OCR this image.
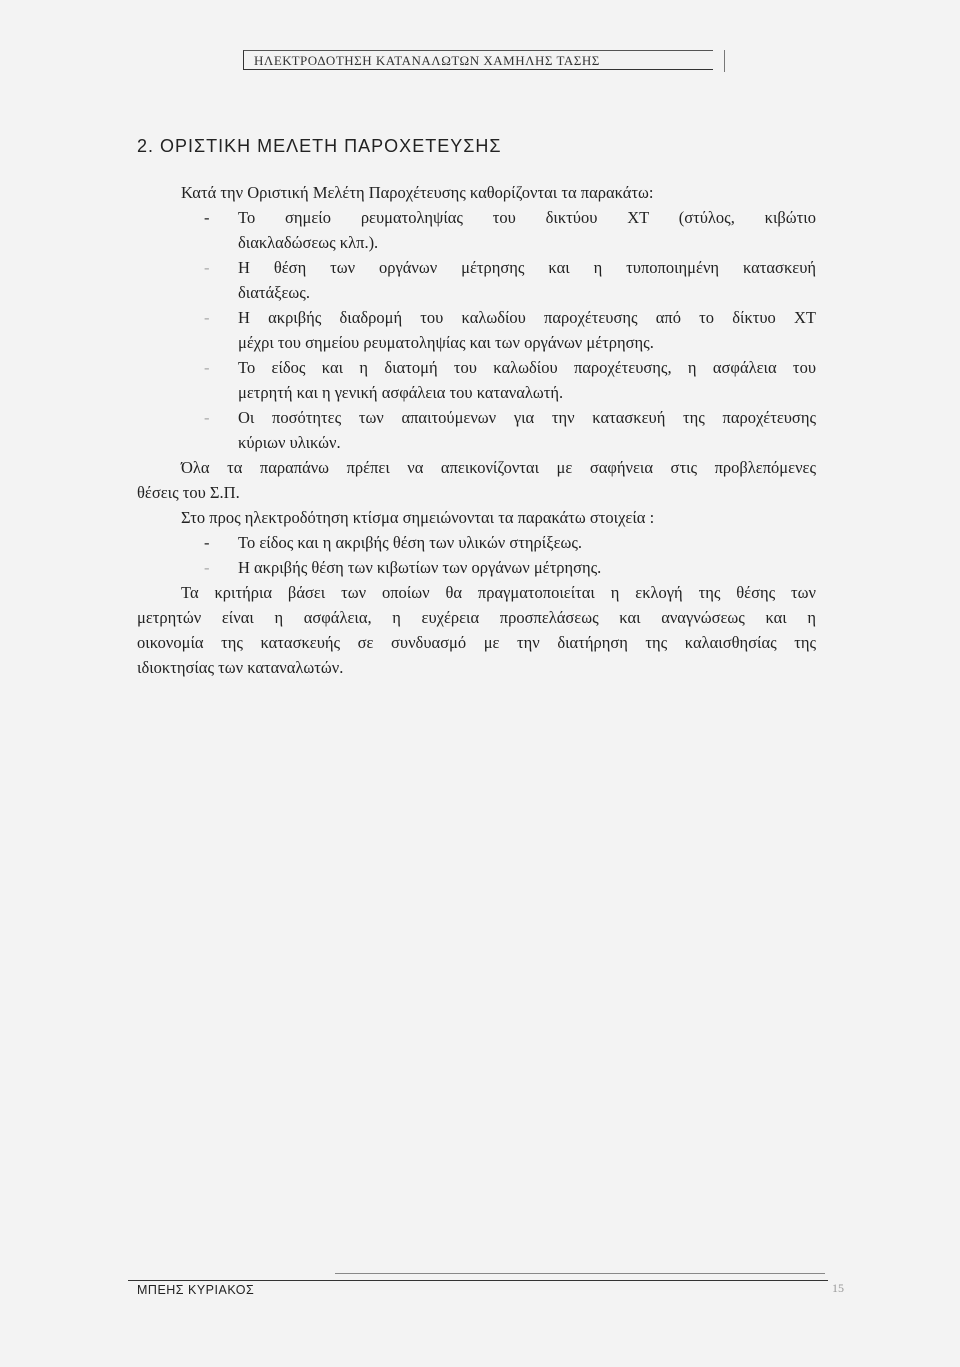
ΗΛΕΚΤΡΟΔΟΤΗΣΗ ΚΑΤΑΝΑΛΩΤΩΝ ΧΑΜΗΛΗΣ ΤΑΣΗΣ
2. ΟΡΙΣΤΙΚΗ ΜΕΛΕΤΗ ΠΑΡΟΧΕΤΕΥΣΗΣ
Κατά την Οριστική Μελέτη Παροχέτευσης καθορίζονται τα παρακάτω:
- Το σημείο ρευματοληψίας του δικτύου ΧΤ (στύλος, κιβώτιο
διακλαδώσεως κλπ.).
- Η θέση των οργάνων μέτρησης και η τυποποιημένη κατασκευή
διατάξεως.
- Η ακριβής διαδρομή του καλωδίου παροχέτευσης από το δίκτυο ΧΤ
μέχρι του σημείου ρευματοληψίας και των οργάνων μέτρησης.
- Το είδος και η διατομή του καλωδίου παροχέτευσης, η ασφάλεια του
μετρητή και η γενική ασφάλεια του καταναλωτή.
- Οι ποσότητες των απαιτούμενων για την κατασκευή της παροχέτευσης
κύριων υλικών.
Όλα τα παραπάνω πρέπει να απεικονίζονται με σαφήνεια στις προβλεπόμενες
θέσεις του Σ.Π.
Στο προς ηλεκτροδότηση κτίσμα σημειώνονται τα παρακάτω στοιχεία :
- Το είδος και η ακριβής θέση των υλικών στηρίξεως.
- Η ακριβής θέση των κιβωτίων των οργάνων μέτρησης.
Τα κριτήρια βάσει των οποίων θα πραγματοποιείται η εκλογή της θέσης των
μετρητών είναι η ασφάλεια, η ευχέρεια προσπελάσεως και αναγνώσεως και η
οικονομία της κατασκευής σε συνδυασμό με την διατήρηση της καλαισθησίας της
ιδιοκτησίας των καταναλωτών.
ΜΠΕΗΣ ΚΥΡΙΑΚΟΣ	15
